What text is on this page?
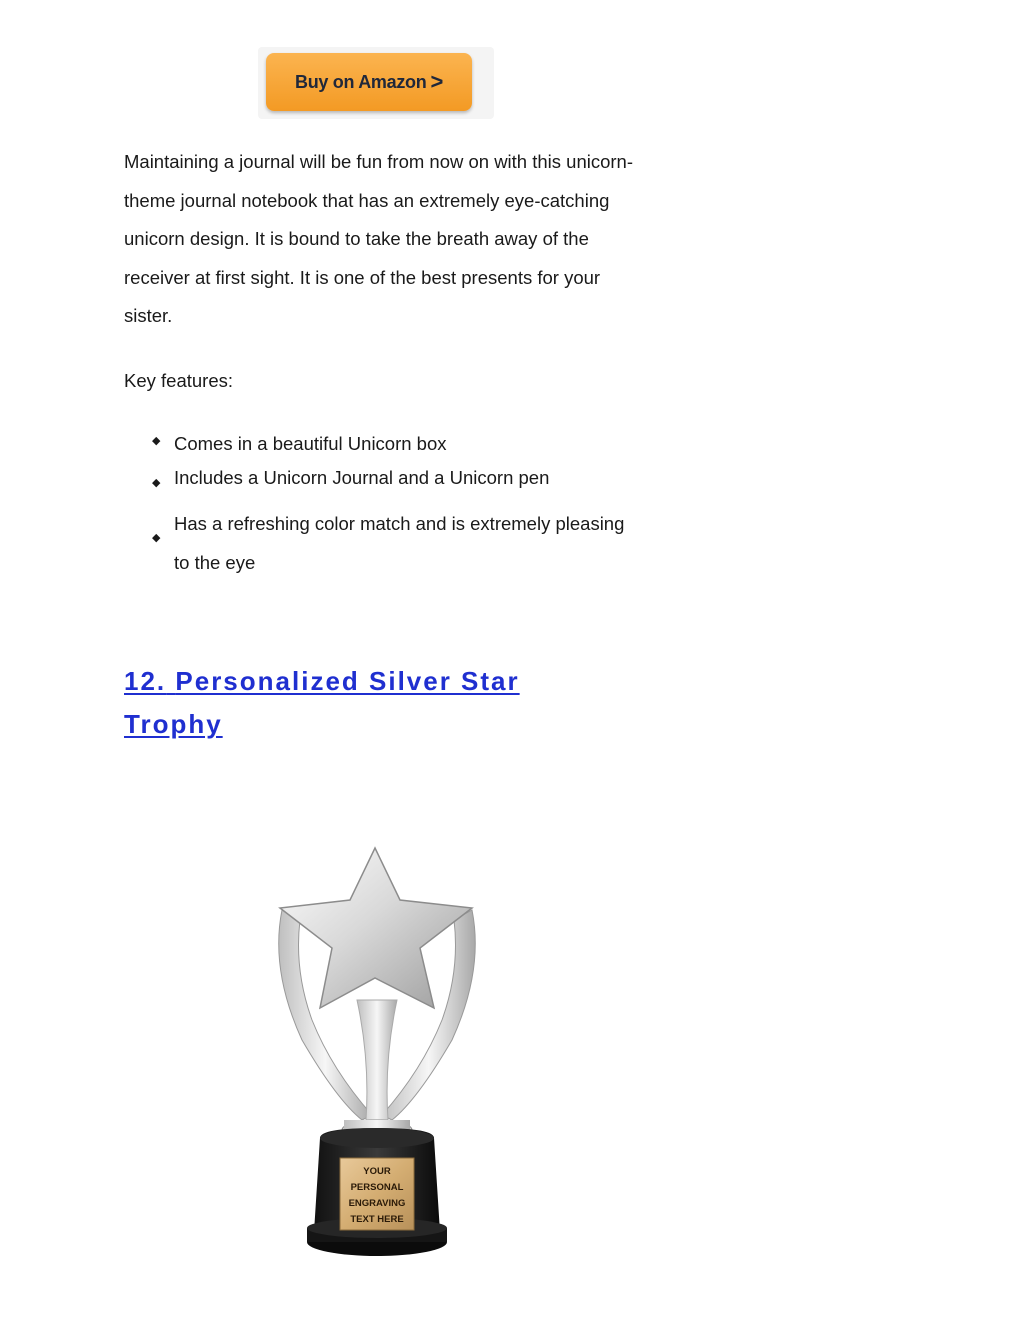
Buy on Amazon >

Maintaining a journal will be fun from now on with this unicorn-theme journal notebook that has an extremely eye-catching unicorn design. It is bound to take the breath away of the receiver at first sight. It is one of the best presents for your sister.

Key features:

◆ Comes in a beautiful Unicorn box
◆ Includes a Unicorn Journal and a Unicorn pen
◆
Has a refreshing color match and is extremely pleasing to the eye
12. Personalized Silver Star Trophy
YOUR
PERSONAL
ENGRAVING
TEXT HERE
